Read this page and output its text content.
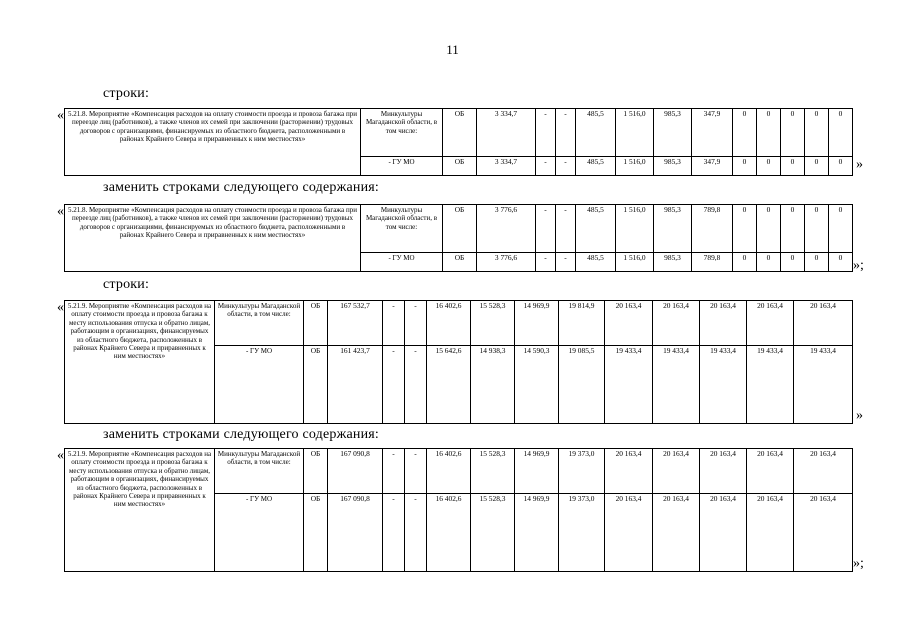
11
строки:
заменить строками следующего содержания:
строки:
заменить строками следующего содержания:
«
»
«
»;
«
»
«
»;
5.21.8. Мероприятие «Компенсация расходов на оплату стоимости проезда и провоза багажа при переезде лиц (работников), а также членов их семей при заключении (расторжении) трудовых договоров с организациями, финансируемых из областного бюджета, расположенными в районах Крайнего Севера и приравненных к ним местностях»	Минкультуры Магаданской области, в том числе:	ОБ	3 334,7	-	-	485,5	1 516,0	985,3	347,9	0	0	0	0	0
	- ГУ МО	ОБ	3 334,7	-	-	485,5	1 516,0	985,3	347,9	0	0	0	0	0
5.21.8. Мероприятие «Компенсация расходов на оплату стоимости проезда и провоза багажа при переезде лиц (работников), а также членов их семей при заключении (расторжении) трудовых договоров с организациями, финансируемых из областного бюджета, расположенными в районах Крайнего Севера и приравненных к ним местностях»	Минкультуры Магаданской области, в том числе:	ОБ	3 776,6	-	-	485,5	1 516,0	985,3	789,8	0	0	0	0	0
	- ГУ МО	ОБ	3 776,6	-	-	485,5	1 516,0	985,3	789,8	0	0	0	0	0
5.21.9. Мероприятие «Компенсация расходов на оплату стоимости проезда и провоза багажа к месту использования отпуска и обратно лицам, работающим в организациях, финансируемых из областного бюджета, расположенных в районах Крайнего Севера и приравненных к ним местностях»	Минкультуры Магаданской области, в том числе:	ОБ	167 532,7	-	-	16 402,6	15 528,3	14 969,9	19 814,9	20 163,4	20 163,4	20 163,4	20 163,4	20 163,4
	- ГУ МО	ОБ	161 423,7	-	-	15 642,6	14 938,3	14 590,3	19 085,5	19 433,4	19 433,4	19 433,4	19 433,4	19 433,4
5.21.9. Мероприятие «Компенсация расходов на оплату стоимости проезда и провоза багажа к месту использования отпуска и обратно лицам, работающим в организациях, финансируемых из областного бюджета, расположенных в районах Крайнего Севера и приравненных к ним местностях»	Минкультуры Магаданской области, в том числе:	ОБ	167 090,8	-	-	16 402,6	15 528,3	14 969,9	19 373,0	20 163,4	20 163,4	20 163,4	20 163,4	20 163,4
	- ГУ МО	ОБ	167 090,8	-	-	16 402,6	15 528,3	14 969,9	19 373,0	20 163,4	20 163,4	20 163,4	20 163,4	20 163,4
